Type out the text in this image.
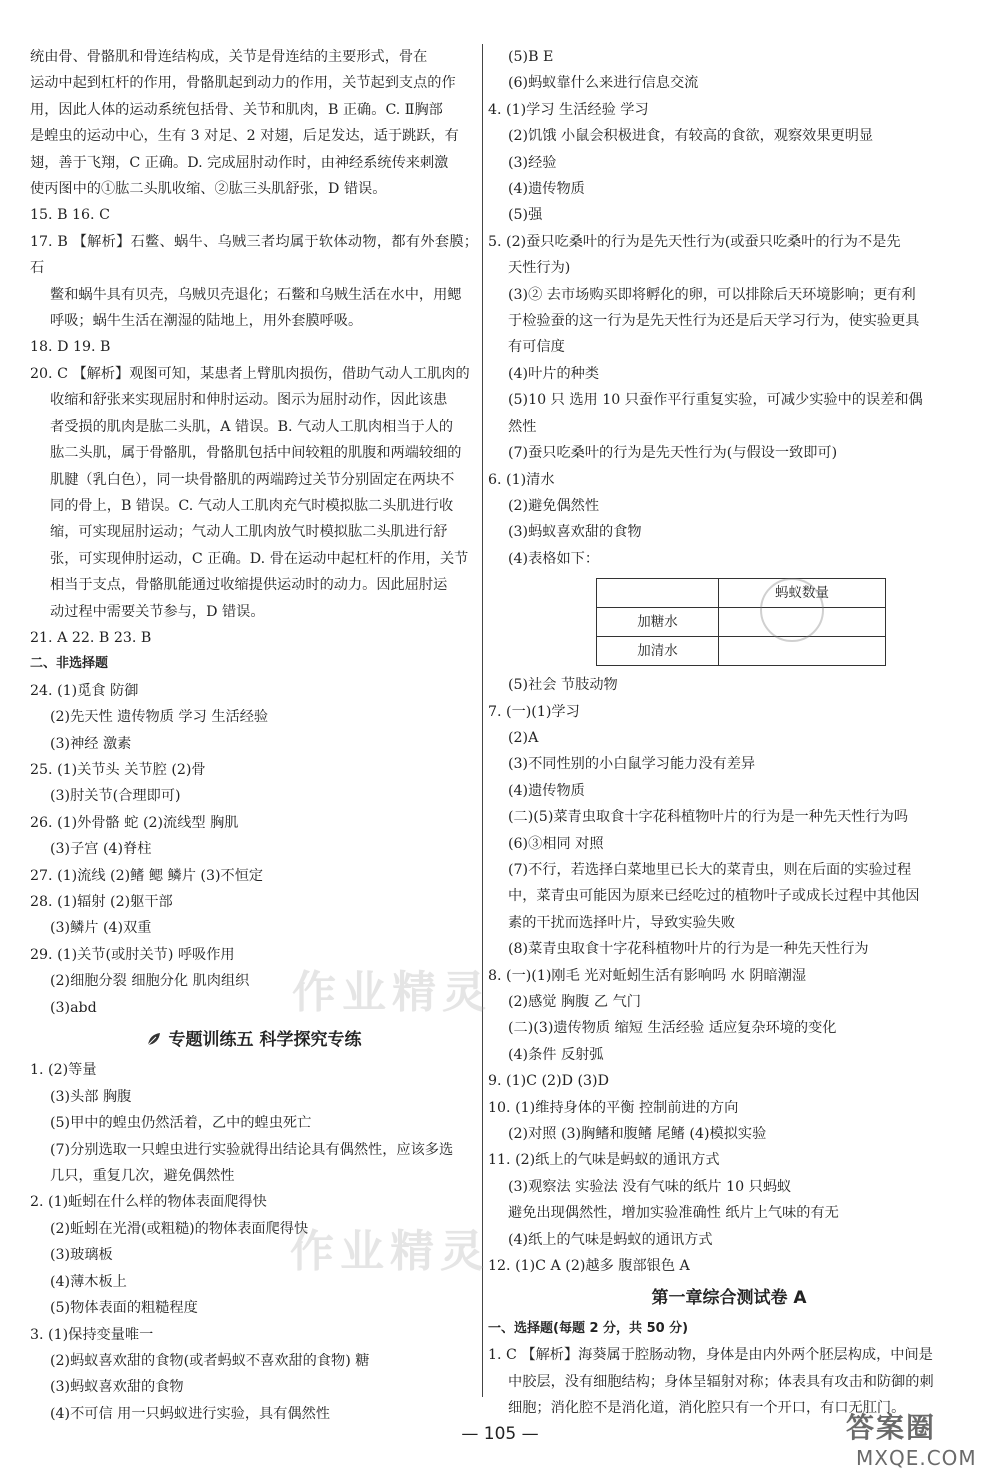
统由骨、骨骼肌和骨连结构成，关节是骨连结的主要形式，骨在
运动中起到杠杆的作用，骨骼肌起到动力的作用，关节起到支点的作
用，因此人体的运动系统包括骨、关节和肌肉，B 正确。C. Ⅱ胸部
是蝗虫的运动中心，生有 3 对足、2 对翅，后足发达，适于跳跃，有
翅，善于飞翔，C 正确。D. 完成屈肘动作时，由神经系统传来刺激
使丙图中的①肱二头肌收缩、②肱三头肌舒张，D 错误。
15. B 16. C
17. B 【解析】石鳖、蜗牛、乌贼三者均属于软体动物，都有外套膜；石
鳖和蜗牛具有贝壳，乌贼贝壳退化；石鳖和乌贼生活在水中，用鳃
呼吸；蜗牛生活在潮湿的陆地上，用外套膜呼吸。
18. D 19. B
20. C 【解析】观图可知，某患者上臂肌肉损伤，借助气动人工肌肉的
收缩和舒张来实现屈肘和伸肘运动。图示为屈肘动作，因此该患
者受损的肌肉是肱二头肌，A 错误。B. 气动人工肌肉相当于人的
肱二头肌，属于骨骼肌，骨骼肌包括中间较粗的肌腹和两端较细的
肌腱（乳白色），同一块骨骼肌的两端跨过关节分别固定在两块不
同的骨上，B 错误。C. 气动人工肌肉充气时模拟肱二头肌进行收
缩，可实现屈肘运动；气动人工肌肉放气时模拟肱二头肌进行舒
张，可实现伸肘运动，C 正确。D. 骨在运动中起杠杆的作用，关节
相当于支点，骨骼肌能通过收缩提供运动时的动力。因此屈肘运
动过程中需要关节参与，D 错误。
21. A 22. B 23. B
二、非选择题
24. (1)觅食 防御
(2)先天性 遗传物质 学习 生活经验
(3)神经 激素
25. (1)关节头 关节腔 (2)骨
(3)肘关节(合理即可)
26. (1)外骨骼 蛇 (2)流线型 胸肌
(3)子宫 (4)脊柱
27. (1)流线 (2)鳍 鳃 鳞片 (3)不恒定
28. (1)辐射 (2)躯干部
(3)鳞片 (4)双重
29. (1)关节(或肘关节) 呼吸作用
(2)细胞分裂 细胞分化 肌肉组织
(3)abd
专题训练五 科学探究专练
1. (2)等量
(3)头部 胸腹
(5)甲中的蝗虫仍然活着，乙中的蝗虫死亡
(7)分别选取一只蝗虫进行实验就得出结论具有偶然性，应该多选
几只，重复几次，避免偶然性
2. (1)蚯蚓在什么样的物体表面爬得快
(2)蚯蚓在光滑(或粗糙)的物体表面爬得快
(3)玻璃板
(4)薄木板上
(5)物体表面的粗糙程度
3. (1)保持变量唯一
(2)蚂蚁喜欢甜的食物(或者蚂蚁不喜欢甜的食物) 糖
(3)蚂蚁喜欢甜的食物
(4)不可信 用一只蚂蚁进行实验，具有偶然性
(5)B E
(6)蚂蚁靠什么来进行信息交流
4. (1)学习 生活经验 学习
(2)饥饿 小鼠会积极进食，有较高的食欲，观察效果更明显
(3)经验
(4)遗传物质
(5)强
5. (2)蚕只吃桑叶的行为是先天性行为(或蚕只吃桑叶的行为不是先
天性行为)
(3)② 去市场购买即将孵化的卵，可以排除后天环境影响；更有利
于检验蚕的这一行为是先天性行为还是后天学习行为，使实验更具
有可信度
(4)叶片的种类
(5)10 只 选用 10 只蚕作平行重复实验，可减少实验中的误差和偶
然性
(7)蚕只吃桑叶的行为是先天性行为(与假设一致即可)
6. (1)清水
(2)避免偶然性
(3)蚂蚁喜欢甜的食物
(4)表格如下：
	蚂蚁数量
加糖水	
加清水	
(5)社会 节肢动物
7. (一)(1)学习
(2)A
(3)不同性别的小白鼠学习能力没有差异
(4)遗传物质
(二)(5)菜青虫取食十字花科植物叶片的行为是一种先天性行为吗
(6)③相同 对照
(7)不行，若选择白菜地里已长大的菜青虫，则在后面的实验过程
中，菜青虫可能因为原来已经吃过的植物叶子或成长过程中其他因
素的干扰而选择叶片，导致实验失败
(8)菜青虫取食十字花科植物叶片的行为是一种先天性行为
8. (一)(1)刚毛 光对蚯蚓生活有影响吗 水 阴暗潮湿
(2)感觉 胸腹 乙 气门
(二)(3)遗传物质 缩短 生活经验 适应复杂环境的变化
(4)条件 反射弧
9. (1)C (2)D (3)D
10. (1)维持身体的平衡 控制前进的方向
(2)对照 (3)胸鳍和腹鳍 尾鳍 (4)模拟实验
11. (2)纸上的气味是蚂蚁的通讯方式
(3)观察法 实验法 没有气味的纸片 10 只蚂蚁
避免出现偶然性，增加实验准确性 纸片上气味的有无
(4)纸上的气味是蚂蚁的通讯方式
12. (1)C A (2)越多 腹部银色 A
第一章综合测试卷 A
一、选择题(每题 2 分，共 50 分)
1. C 【解析】海葵属于腔肠动物，身体是由内外两个胚层构成，中间是
中胶层，没有细胞结构；身体呈辐射对称；体表具有攻击和防御的刺
细胞；消化腔不是消化道，消化腔只有一个开口，有口无肛门。
作业精灵
作业精灵
— 105 —	答案圈
MXQE.COM
